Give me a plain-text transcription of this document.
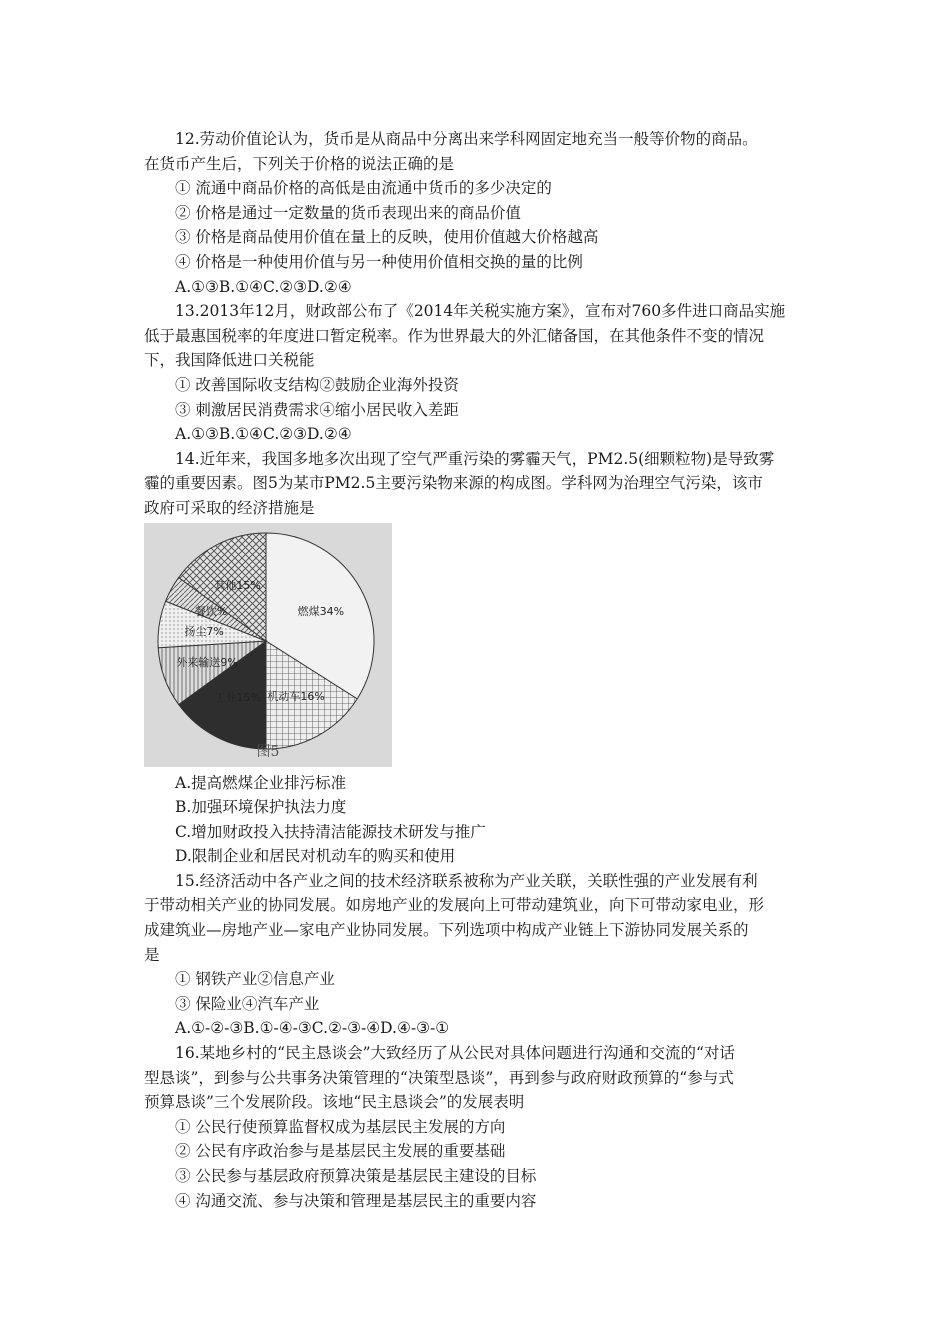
12.劳动价值论认为，货币是从商品中分离出来学科网固定地充当一般等价物的商品。
在货币产生后，下列关于价格的说法正确的是
① 流通中商品价格的高低是由流通中货币的多少决定的
② 价格是通过一定数量的货币表现出来的商品价值
③ 价格是商品使用价值在量上的反映，使用价值越大价格越高
④ 价格是一种使用价值与另一种使用价值相交换的量的比例
A.①③B.①④C.②③D.②④
13.2013年12月，财政部公布了《2014年关税实施方案》，宣布对760多件进口商品实施
低于最惠国税率的年度进口暂定税率。作为世界最大的外汇储备国，在其他条件不变的情况
下，我国降低进口关税能
① 改善国际收支结构②鼓励企业海外投资
③ 刺激居民消费需求④缩小居民收入差距
A.①③B.①④C.②③D.②④
14.近年来，我国多地多次出现了空气严重污染的雾霾天气，PM2.5(细颗粒物)是导致雾
霾的重要因素。图5为某市PM2.5主要污染物来源的构成图。学科网为治理空气污染，该市
政府可采取的经济措施是
燃煤34%
机动车16%
工业15%
外来输送9%
扬尘7%
餐饮%
其他15%
图5
A.提高燃煤企业排污标准
B.加强环境保护执法力度
C.增加财政投入扶持清洁能源技术研发与推广
D.限制企业和居民对机动车的购买和使用
15.经济活动中各产业之间的技术经济联系被称为产业关联，关联性强的产业发展有利
于带动相关产业的协同发展。如房地产业的发展向上可带动建筑业，向下可带动家电业，形
成建筑业—房地产业—家电产业协同发展。下列选项中构成产业链上下游协同发展关系的
是
① 钢铁产业②信息产业
③ 保险业④汽车产业
A.①-②-③B.①-④-③C.②-③-④D.④-③-①
16.某地乡村的“民主恳谈会”大致经历了从公民对具体问题进行沟通和交流的“对话
型恳谈”，到参与公共事务决策管理的“决策型恳谈”，再到参与政府财政预算的“参与式
预算恳谈”三个发展阶段。该地“民主恳谈会”的发展表明
① 公民行使预算监督权成为基层民主发展的方向
② 公民有序政治参与是基层民主发展的重要基础
③ 公民参与基层政府预算决策是基层民主建设的目标
④ 沟通交流、参与决策和管理是基层民主的重要内容
